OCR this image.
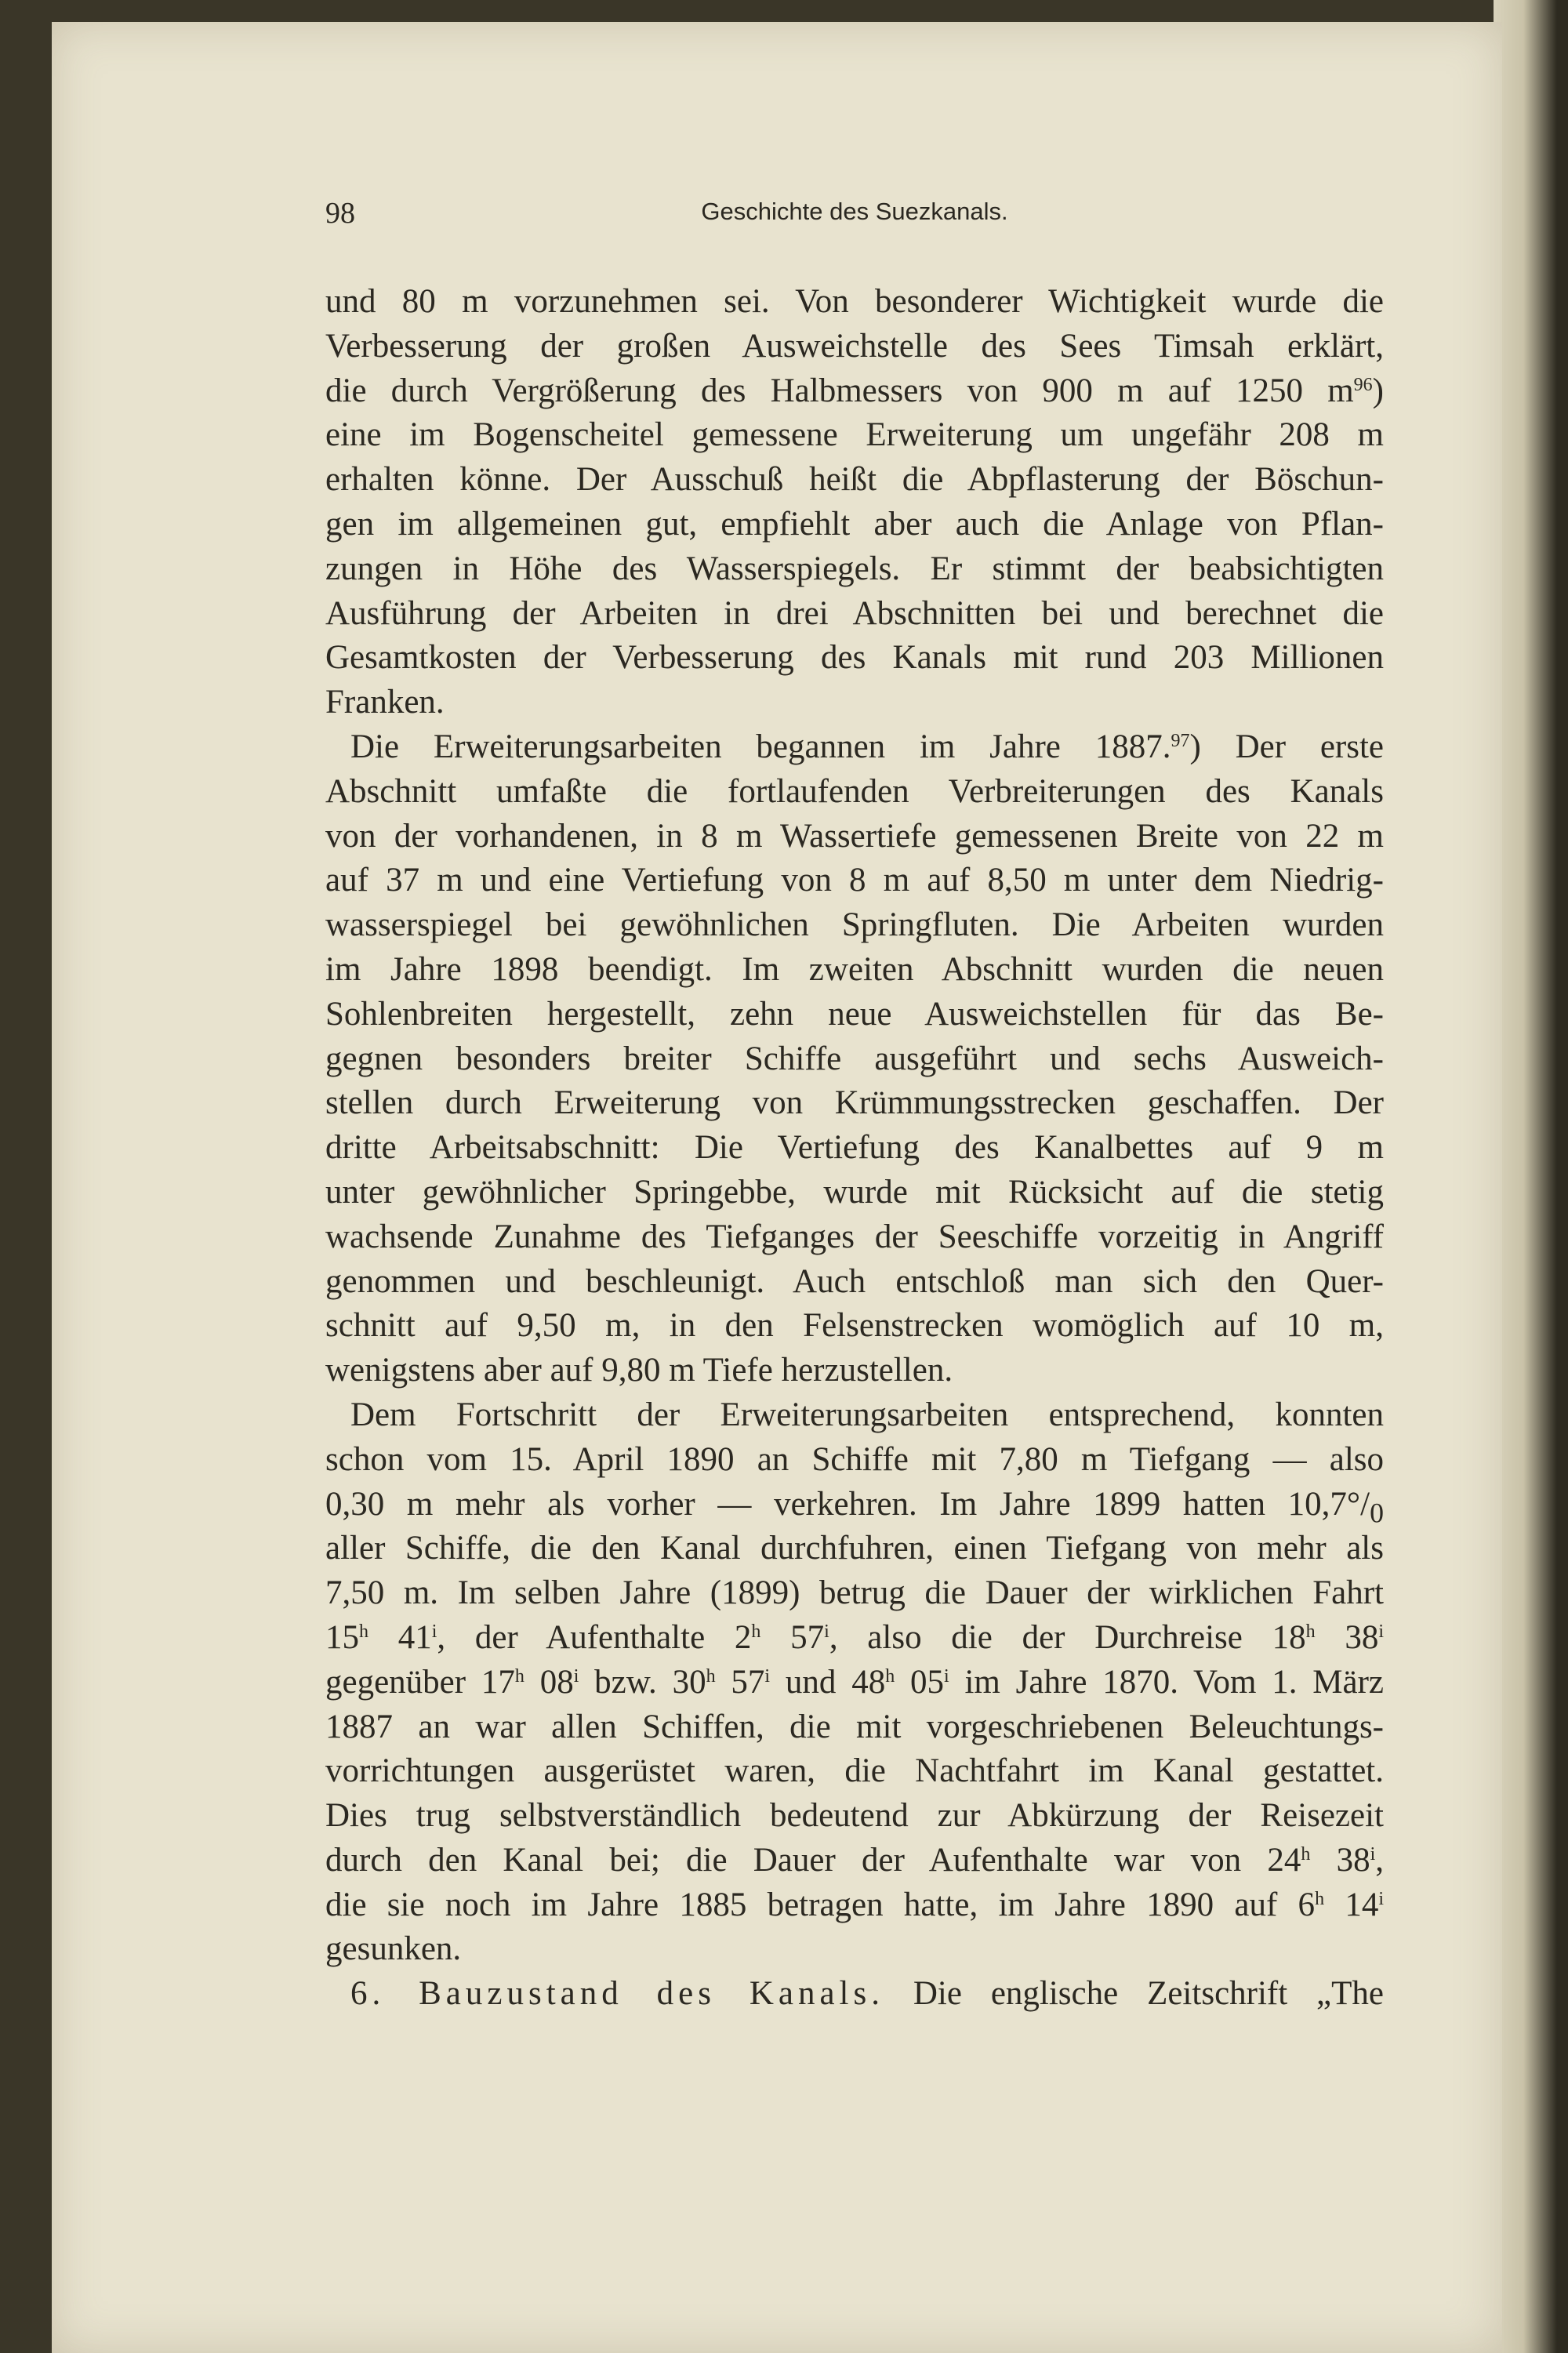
98	Geschichte des Suezkanals.
und 80 m vorzunehmen sei. Von besonderer Wichtigkeit wurde die
Verbesserung der großen Ausweichstelle des Sees Timsah erklärt,
die durch Vergrößerung des Halbmessers von 900 m auf 1250 $m^{96}$)
eine im Bogenscheitel gemessene Erweiterung um ungefähr 208 m
erhalten könne. Der Ausschuß heißt die Abpflasterung der Böschun-
gen im allgemeinen gut, empfiehlt aber auch die Anlage von Pflan-
zungen in Höhe des Wasserspiegels. Er stimmt der beabsichtigten
Ausführung der Arbeiten in drei Abschnitten bei und berechnet die
Gesamtkosten der Verbesserung des Kanals mit rund 203 Millionen
Franken.
Die Erweiterungsarbeiten begannen im Jahre 1887.97) Der erste
Abschnitt umfaßte die fortlaufenden Verbreiterungen des Kanals
von der vorhandenen, in 8 m Wassertiefe gemessenen Breite von 22 m
auf 37 m und eine Vertiefung von 8 m auf 8,50 m unter dem Niedrig-
wasserspiegel bei gewöhnlichen Springfluten. Die Arbeiten wurden
im Jahre 1898 beendigt. Im zweiten Abschnitt wurden die neuen
Sohlenbreiten hergestellt, zehn neue Ausweichstellen für das Be-
gegnen besonders breiter Schiffe ausgeführt und sechs Ausweich-
stellen durch Erweiterung von Krümmungsstrecken geschaffen. Der
dritte Arbeitsabschnitt: Die Vertiefung des Kanalbettes auf 9 m
unter gewöhnlicher Springebbe, wurde mit Rücksicht auf die stetig
wachsende Zunahme des Tiefganges der Seeschiffe vorzeitig in Angriff
genommen und beschleunigt. Auch entschloß man sich den Quer-
schnitt auf 9,50 m, in den Felsenstrecken womöglich auf 10 m,
wenigstens aber auf 9,80 m Tiefe herzustellen.
Dem Fortschritt der Erweiterungsarbeiten entsprechend, konnten
schon vom 15. April 1890 an Schiffe mit 7,80 m Tiefgang — also
0,30 m mehr als vorher — verkehren. Im Jahre 1899 hatten $10,7^\circ/_0$
aller Schiffe, die den Kanal durchfuhren, einen Tiefgang von mehr als
7,50 m. Im selben Jahre (1899) betrug die Dauer der wirklichen Fahrt
15$^h$ 41$^i$, der Aufenthalte 2$^h$ 57$^i$, also die der Durchreise 18$^h$ 38$^i$
gegenüber 17$^h$ 08$^i$ bzw. 30$^h$ 57$^i$ und 48$^h$ 05$^i$ im Jahre 1870. Vom 1. März
1887 an war allen Schiffen, die mit vorgeschriebenen Beleuchtungs-
vorrichtungen ausgerüstet waren, die Nachtfahrt im Kanal gestattet.
Dies trug selbstverständlich bedeutend zur Abkürzung der Reisezeit
durch den Kanal bei; die Dauer der Aufenthalte war von 24$^h$ 38$^i$,
die sie noch im Jahre 1885 betragen hatte, im Jahre 1890 auf 6$^h$ 14$^i$
gesunken.
6. Bauzustand des Kanals. Die englische Zeitschrift „The
